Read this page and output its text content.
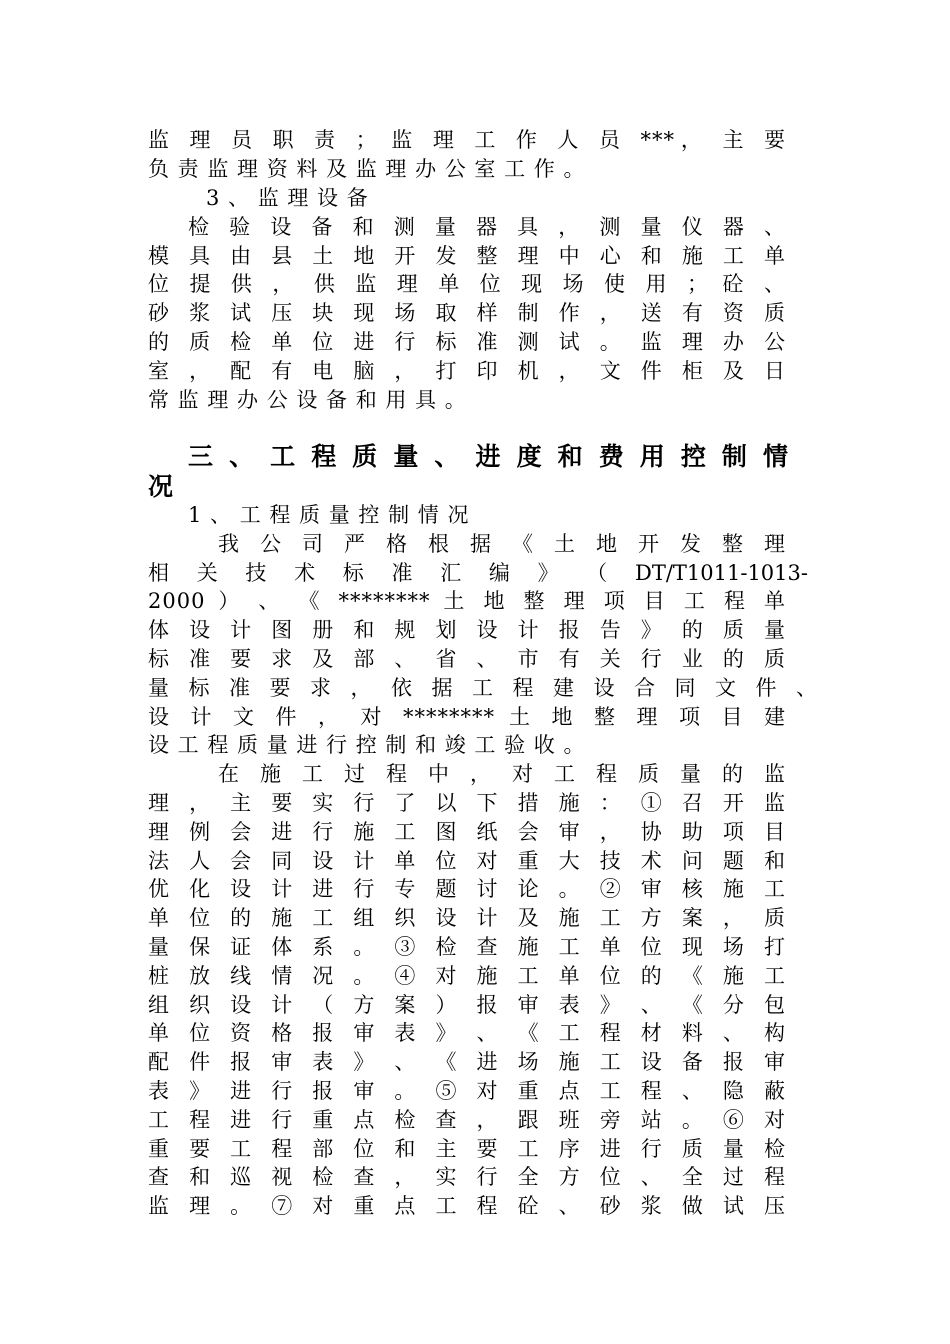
监 理 员 职 责 ； 监 理 工 作 人 员 ***， 主 要
负 责 监 理 资 料 及 监 理 办 公 室 工 作 。
3 、 监 理 设 备
检 验 设 备 和 测 量 器 具 ， 测 量 仪 器 、
模 具 由 县 土 地 开 发 整 理 中 心 和 施 工 单
位 提 供 ， 供 监 理 单 位 现 场 使 用 ； 砼 、
砂 浆 试 压 块 现 场 取 样 制 作 ， 送 有 资 质
的 质 检 单 位 进 行 标 准 测 试 。 监 理 办 公
室 ， 配 有 电 脑 ， 打 印 机 ， 文 件 柜 及 日
常 监 理 办 公 设 备 和 用 具 。
三 、 工 程 质 量 、 进 度 和 费 用 控 制 情
况
1 、 工 程 质 量 控 制 情 况
我 公 司 严 格 根 据 《 土 地 开 发 整 理
相 关 技 术 标 准 汇 编 》 （ DT/T1011-1013-
2000 ） 、 《 ******** 土 地 整 理 项 目 工 程 单
体 设 计 图 册 和 规 划 设 计 报 告 》 的 质 量
标 准 要 求 及 部 、 省 、 市 有 关 行 业 的 质
量 标 准 要 求 ， 依 据 工 程 建 设 合 同 文 件 、
设 计 文 件 ， 对 ******** 土 地 整 理 项 目 建
设 工 程 质 量 进 行 控 制 和 竣 工 验 收 。
在 施 工 过 程 中 ， 对 工 程 质 量 的 监
理 ， 主 要 实 行 了 以 下 措 施 ： ① 召 开 监
理 例 会 进 行 施 工 图 纸 会 审 ， 协 助 项 目
法 人 会 同 设 计 单 位 对 重 大 技 术 问 题 和
优 化 设 计 进 行 专 题 讨 论 。 ② 审 核 施 工
单 位 的 施 工 组 织 设 计 及 施 工 方 案 ， 质
量 保 证 体 系 。 ③ 检 查 施 工 单 位 现 场 打
桩 放 线 情 况 。 ④ 对 施 工 单 位 的 《 施 工
组 织 设 计 （ 方 案 ） 报 审 表 》 、 《 分 包
单 位 资 格 报 审 表 》 、 《 工 程 材 料 、 构
配 件 报 审 表 》 、 《 进 场 施 工 设 备 报 审
表 》 进 行 报 审 。 ⑤ 对 重 点 工 程 、 隐 蔽
工 程 进 行 重 点 检 查 ， 跟 班 旁 站 。 ⑥ 对
重 要 工 程 部 位 和 主 要 工 序 进 行 质 量 检
查 和 巡 视 检 查 ， 实 行 全 方 位 、 全 过 程
监 理 。 ⑦ 对 重 点 工 程 砼 、 砂 浆 做 试 压
